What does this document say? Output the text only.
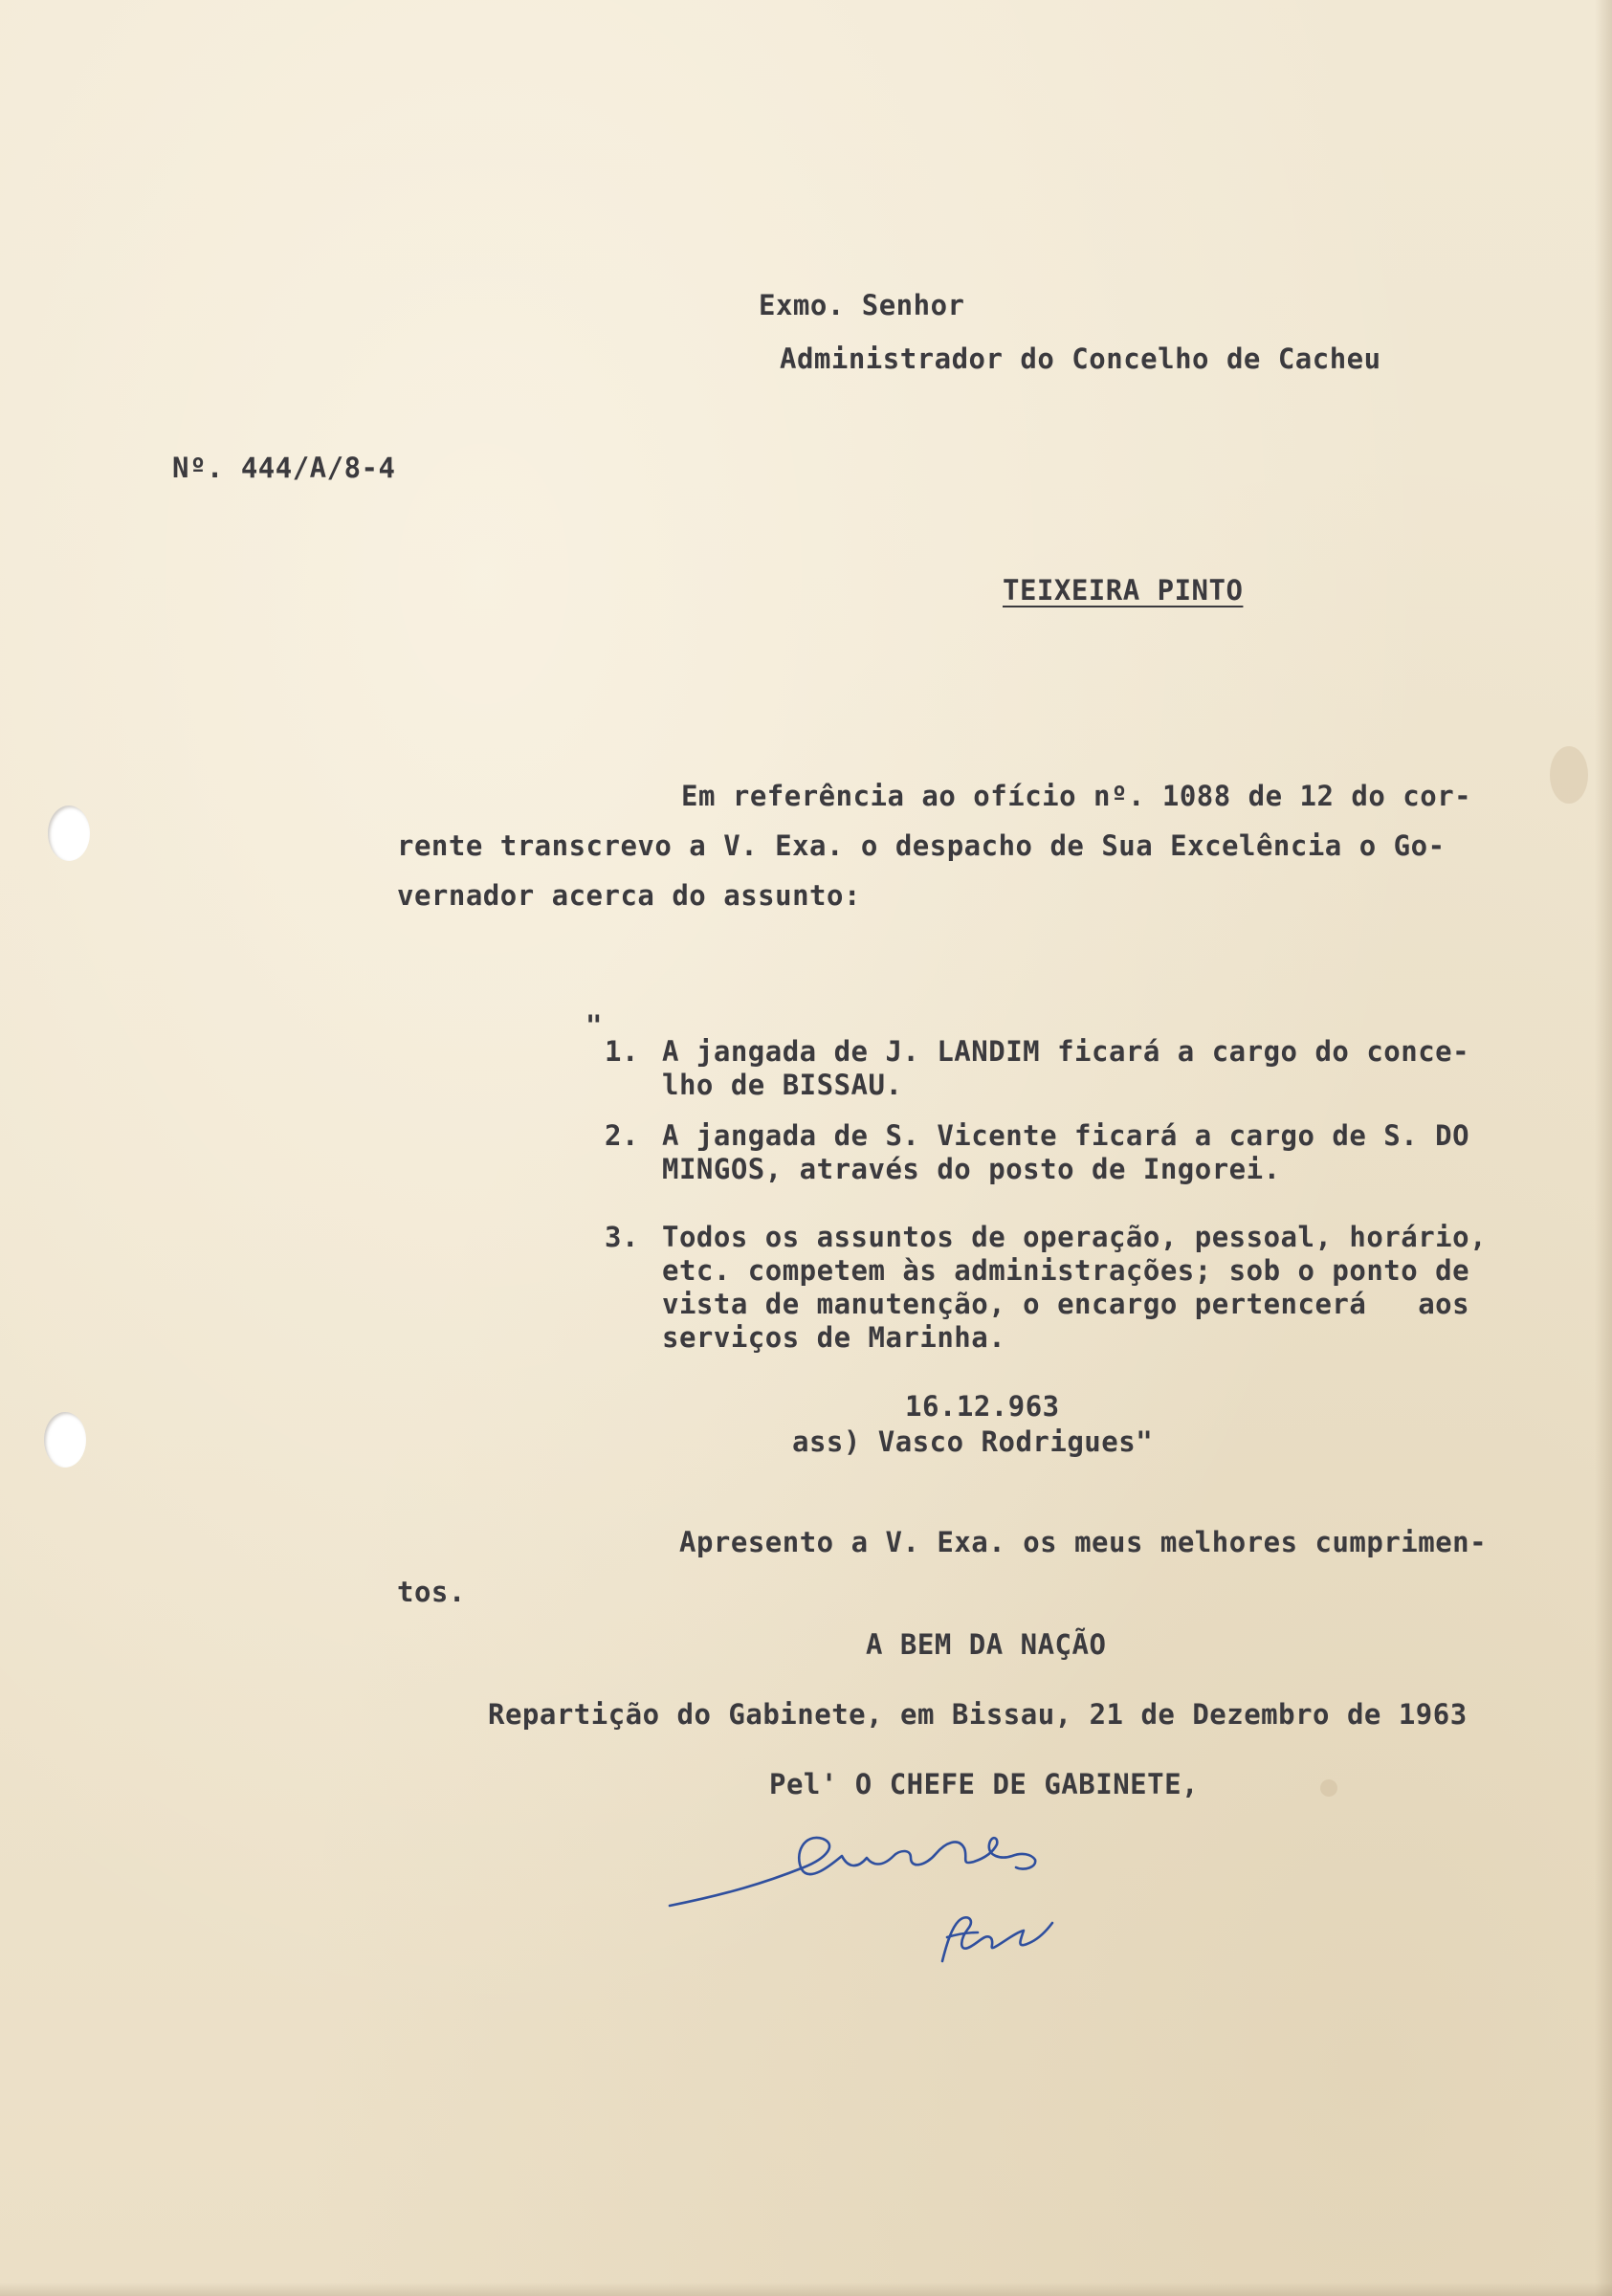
Exmo. Senhor
Administrador do Concelho de Cacheu
Nº. 444/A/8-4
TEIXEIRA PINTO
Em referência ao ofício nº. 1088 de 12 do cor-
rente transcrevo a V. Exa. o despacho de Sua Excelência o Go-
vernador acerca do assunto:
"
1. A jangada de J. LANDIM ficará a cargo do conce-
lho de BISSAU.
2. A jangada de S. Vicente ficará a cargo de S. DO
MINGOS, através do posto de Ingorei.
3. Todos os assuntos de operação, pessoal, horário,
etc. competem às administrações; sob o ponto de
vista de manutenção, o encargo pertencerá   aos
serviços de Marinha.
16.12.963
ass) Vasco Rodrigues"
Apresento a V. Exa. os meus melhores cumprimen-
tos.
A BEM DA NAÇÃO
Repartição do Gabinete, em Bissau, 21 de Dezembro de 1963
Pel' O CHEFE DE GABINETE,
